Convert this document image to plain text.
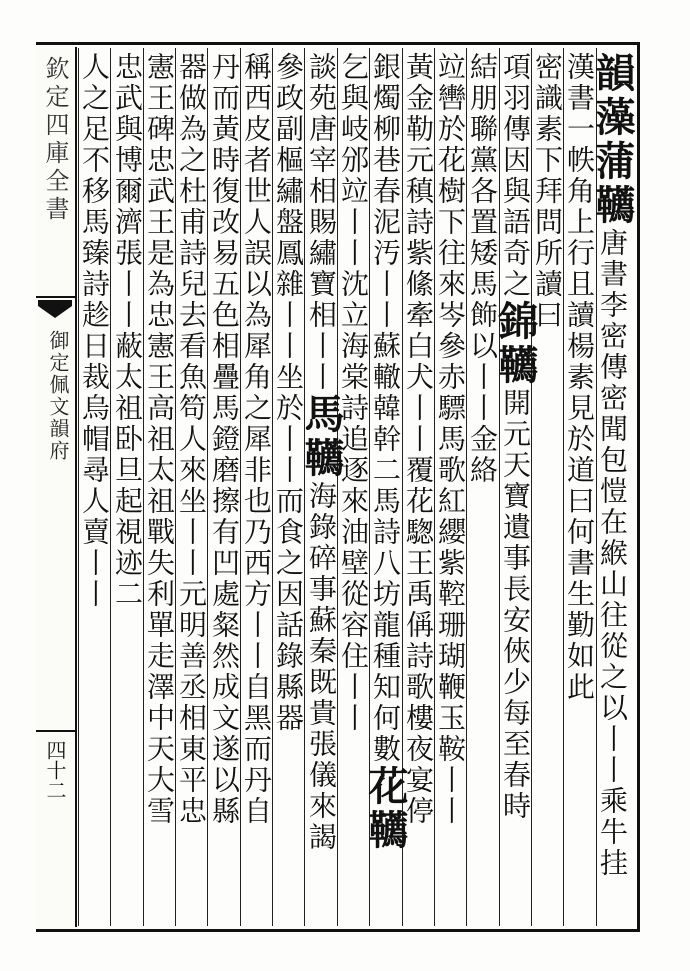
欽定四庫全書
御定佩文韻府
四十二
韻藻蒲韉唐書李密傳密聞包愷在緱山往從之以丨丨乘牛挂
漢書一帙角上行且讀楊素見於道曰何書生勤如此
密識素下拜問所讀曰
項羽傳因與語奇之錦韉開元天寶遺事長安俠少每至春時
結朋聯黨各置矮馬飾以丨丨金絡
竝轡於花樹下往來岑參赤驃馬歌紅纓紫鞚珊瑚鞭玉鞍丨丨
黃金勒元稹詩紫絛牽白犬丨丨覆花騘王禹偁詩歌樓夜宴停
銀燭柳巷春泥汚丨丨蘇轍韓幹二馬詩八坊龍種知何數花韉
乞與岐邠竝丨丨沈立海棠詩追逐來油壁從容住丨丨
談苑唐宰相賜繡寶相丨丨馬韉海錄碎事蘇秦既貴張儀來謁
參政副樞繡盤鳳雜丨丨坐於丨丨而食之因話錄縣器
稱西皮者世人誤以為犀角之犀非也乃西方丨丨自黑而丹自
丹而黃時復改易五色相疊馬鐙磨擦有凹處粲然成文遂以縣
器做為之杜甫詩兒去看魚笱人來坐丨丨元明善丞相東平忠
憲王碑忠武王是為忠憲王高祖太祖戰失利單走澤中天大雪
忠武與博爾濟張丨丨蔽太祖卧旦起視迹二
人之足不移馬臻詩趁日裁烏帽尋人賣丨丨
